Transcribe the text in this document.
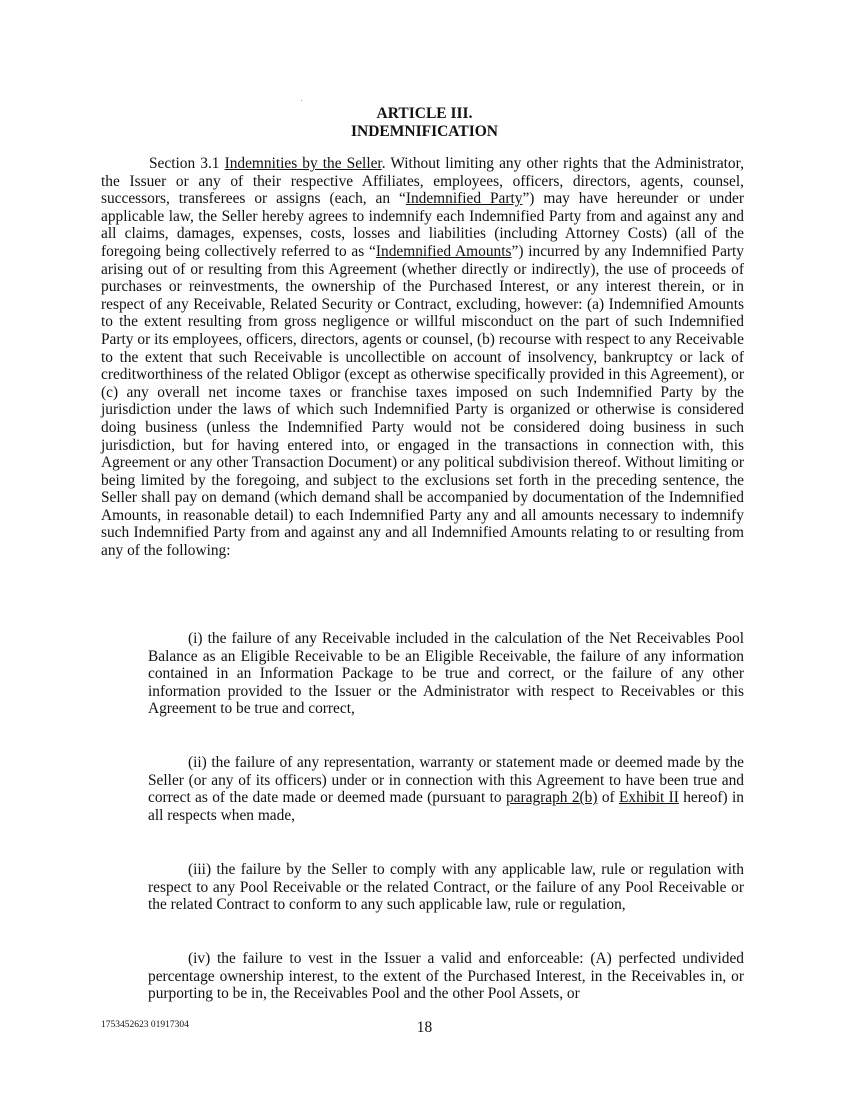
ARTICLE III.
INDEMNIFICATION

Section 3.1 Indemnities by the Seller. Without limiting any other rights that the Administrator, the Issuer or any of their respective Affiliates, employees, officers, directors, agents, counsel, successors, transferees or assigns (each, an “Indemnified Party”) may have hereunder or under applicable law, the Seller hereby agrees to indemnify each Indemnified Party from and against any and all claims, damages, expenses, costs, losses and liabilities (including Attorney Costs) (all of the foregoing being collectively referred to as “Indemnified Amounts”) incurred by any Indemnified Party arising out of or resulting from this Agreement (whether directly or indirectly), the use of proceeds of purchases or reinvestments, the ownership of the Purchased Interest, or any interest therein, or in respect of any Receivable, Related Security or Contract, excluding, however: (a) Indemnified Amounts to the extent resulting from gross negligence or willful misconduct on the part of such Indemnified Party or its employees, officers, directors, agents or counsel, (b) recourse with respect to any Receivable to the extent that such Receivable is uncollectible on account of insolvency, bankruptcy or lack of creditworthiness of the related Obligor (except as otherwise specifically provided in this Agreement), or (c) any overall net income taxes or franchise taxes imposed on such Indemnified Party by the jurisdiction under the laws of which such Indemnified Party is organized or otherwise is considered doing business (unless the Indemnified Party would not be considered doing business in such jurisdiction, but for having entered into, or engaged in the transactions in connection with, this Agreement or any other Transaction Document) or any political subdivision thereof. Without limiting or being limited by the foregoing, and subject to the exclusions set forth in the preceding sentence, the Seller shall pay on demand (which demand shall be accompanied by documentation of the Indemnified Amounts, in reasonable detail) to each Indemnified Party any and all amounts necessary to indemnify such Indemnified Party from and against any and all Indemnified Amounts relating to or resulting from any of the following:

(i) the failure of any Receivable included in the calculation of the Net Receivables Pool Balance as an Eligible Receivable to be an Eligible Receivable, the failure of any information contained in an Information Package to be true and correct, or the failure of any other information provided to the Issuer or the Administrator with respect to Receivables or this Agreement to be true and correct,

(ii) the failure of any representation, warranty or statement made or deemed made by the Seller (or any of its officers) under or in connection with this Agreement to have been true and correct as of the date made or deemed made (pursuant to paragraph 2(b) of Exhibit II hereof) in all respects when made,

(iii) the failure by the Seller to comply with any applicable law, rule or regulation with respect to any Pool Receivable or the related Contract, or the failure of any Pool Receivable or the related Contract to conform to any such applicable law, rule or regulation,

(iv) the failure to vest in the Issuer a valid and enforceable: (A) perfected undivided percentage ownership interest, to the extent of the Purchased Interest, in the Receivables in, or purporting to be in, the Receivables Pool and the other Pool Assets, or

1753452623 01917304	18
